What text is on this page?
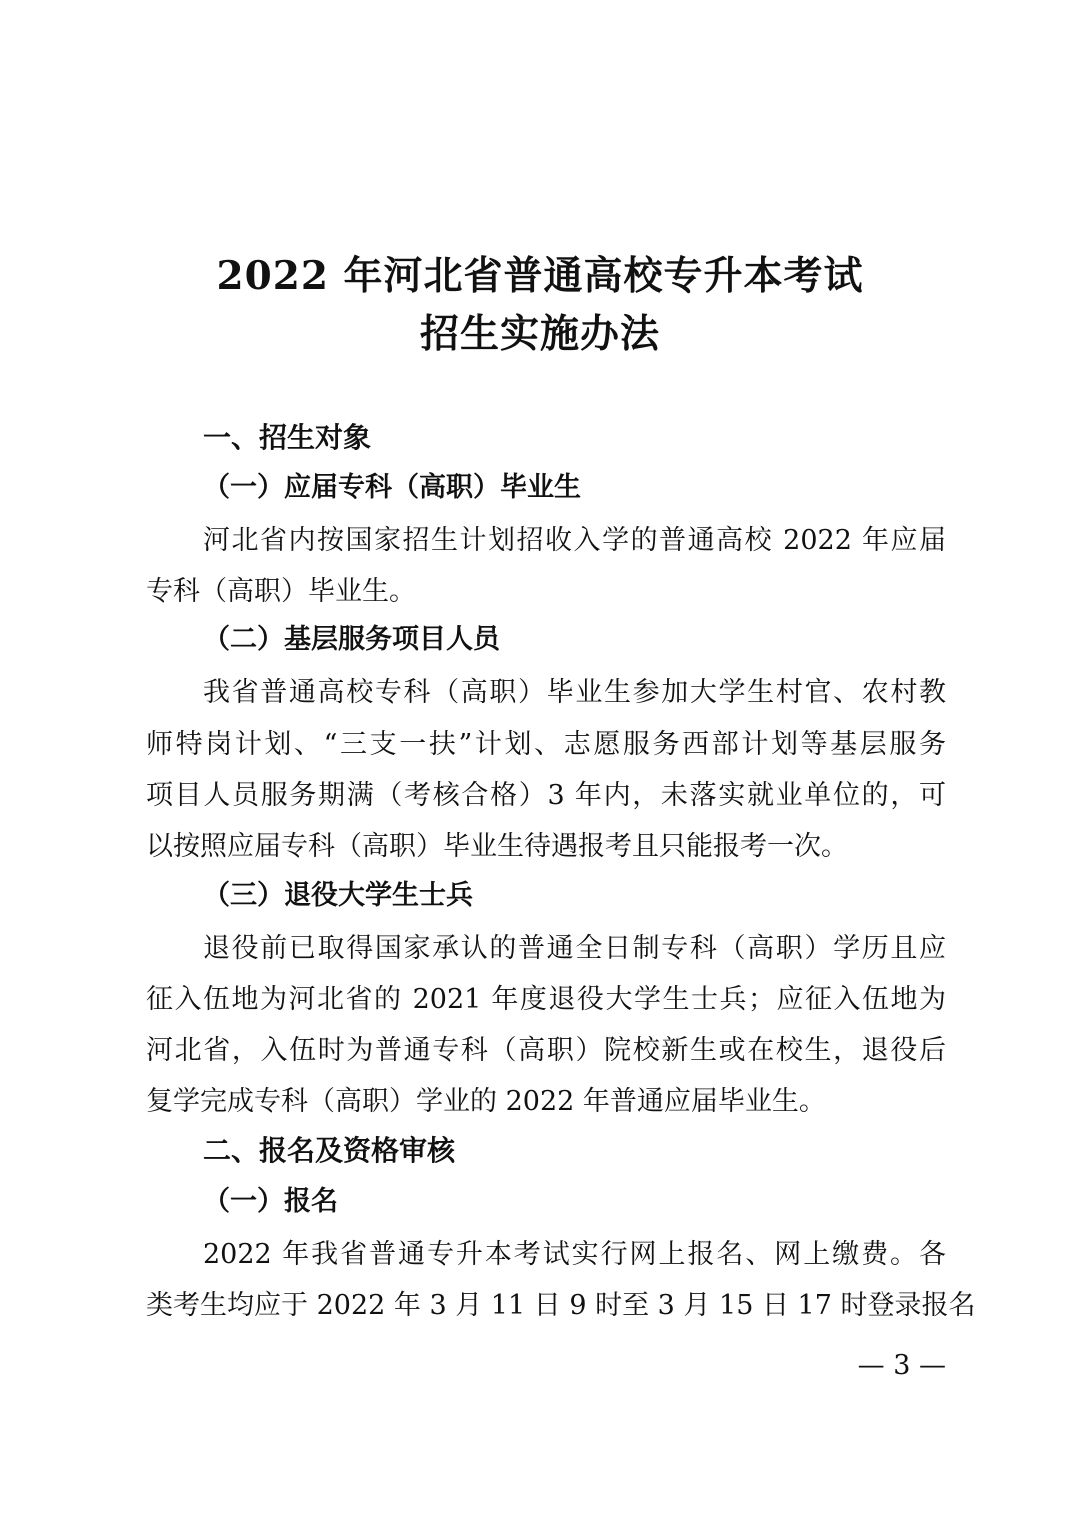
2022 年河北省普通高校专升本考试
招生实施办法
一、招生对象
（一）应届专科（高职）毕业生
河北省内按国家招生计划招收入学的普通高校 2022 年应届
专科（高职）毕业生。
（二）基层服务项目人员
我省普通高校专科（高职）毕业生参加大学生村官、农村教
师特岗计划、“三支一扶”计划、志愿服务西部计划等基层服务
项目人员服务期满（考核合格）3 年内，未落实就业单位的，可
以按照应届专科（高职）毕业生待遇报考且只能报考一次。
（三）退役大学生士兵
退役前已取得国家承认的普通全日制专科（高职）学历且应
征入伍地为河北省的 2021 年度退役大学生士兵；应征入伍地为
河北省，入伍时为普通专科（高职）院校新生或在校生，退役后
复学完成专科（高职）学业的 2022 年普通应届毕业生。
二、报名及资格审核
（一）报名
2022 年我省普通专升本考试实行网上报名、网上缴费。各
类考生均应于 2022 年 3 月 11 日 9 时至 3 月 15 日 17 时登录报名
— 3 —
